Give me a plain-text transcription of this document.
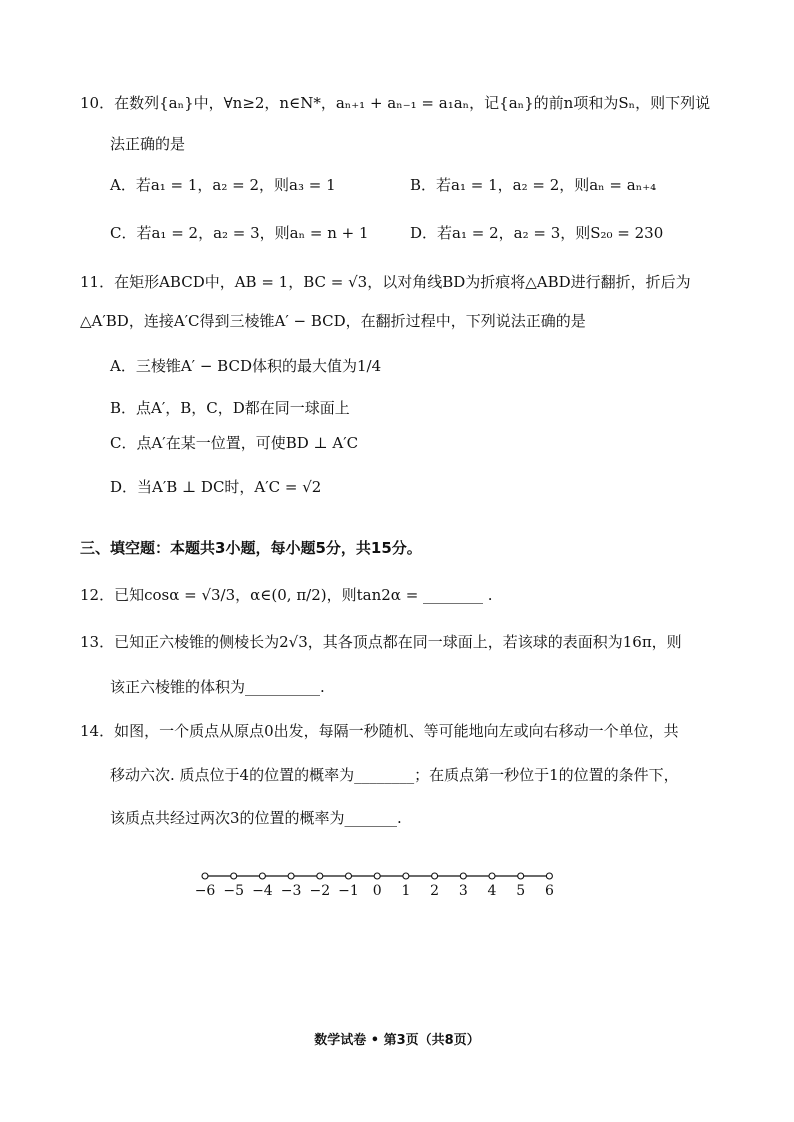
10．在数列{aₙ}中，∀n≥2，n∈N*，aₙ₊₁ + aₙ₋₁ = a₁aₙ，记{aₙ}的前n项和为Sₙ，则下列说
法正确的是
A．若a₁ = 1，a₂ = 2，则a₃ = 1	B．若a₁ = 1，a₂ = 2，则aₙ = aₙ₊₄
C．若a₁ = 2，a₂ = 3，则aₙ = n + 1	D．若a₁ = 2，a₂ = 3，则S₂₀ = 230
11．在矩形ABCD中，AB = 1，BC = √3，以对角线BD为折痕将△ABD进行翻折，折后为
△A′BD，连接A′C得到三棱锥A′ − BCD，在翻折过程中，下列说法正确的是
A．三棱锥A′ − BCD体积的最大值为1/4
B．点A′，B，C，D都在同一球面上
C．点A′在某一位置，可使BD ⊥ A′C
D．当A′B ⊥ DC时，A′C = √2
三、填空题：本题共3小题，每小题5分，共15分。
12．已知cosα = √3/3，α∈(0, π/2)，则tan2α = ________ .
13．已知正六棱锥的侧棱长为2√3，其各顶点都在同一球面上，若该球的表面积为16π，则
该正六棱锥的体积为__________.
14．如图，一个质点从原点0出发，每隔一秒随机、等可能地向左或向右移动一个单位，共
移动六次. 质点位于4的位置的概率为________；在质点第一秒位于1的位置的条件下，
该质点共经过两次3的位置的概率为_______.
−6 −5 −4 −3 −2 −1 0 1 2 3 4 5 6
数学试卷 • 第3页（共8页）
